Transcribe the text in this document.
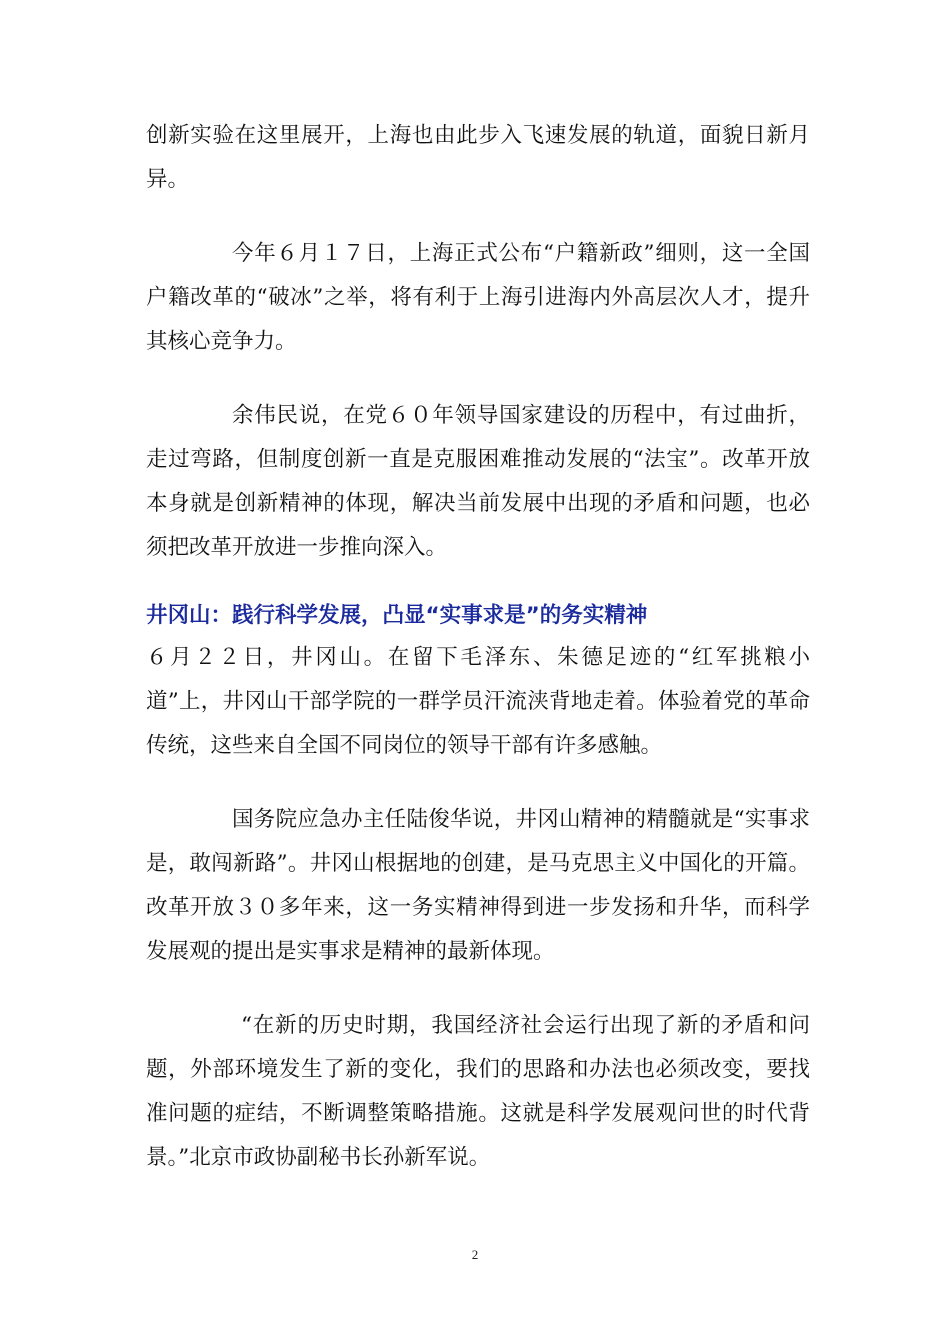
创新实验在这里展开，上海也由此步入飞速发展的轨道，面貌日新月异。

今年６月１７日，上海正式公布“户籍新政”细则，这一全国户籍改革的“破冰”之举，将有利于上海引进海内外高层次人才，提升其核心竞争力。

余伟民说，在党６０年领导国家建设的历程中，有过曲折，走过弯路，但制度创新一直是克服困难推动发展的“法宝”。改革开放本身就是创新精神的体现，解决当前发展中出现的矛盾和问题，也必须把改革开放进一步推向深入。

井冈山：践行科学发展，凸显“实事求是”的务实精神

６月２２日，井冈山。在留下毛泽东、朱德足迹的“红军挑粮小道”上，井冈山干部学院的一群学员汗流浃背地走着。体验着党的革命传统，这些来自全国不同岗位的领导干部有许多感触。

国务院应急办主任陆俊华说，井冈山精神的精髓就是“实事求是，敢闯新路”。井冈山根据地的创建，是马克思主义中国化的开篇。改革开放３０多年来，这一务实精神得到进一步发扬和升华，而科学发展观的提出是实事求是精神的最新体现。

“在新的历史时期，我国经济社会运行出现了新的矛盾和问题，外部环境发生了新的变化，我们的思路和办法也必须改变，要找准问题的症结，不断调整策略措施。这就是科学发展观问世的时代背景。”北京市政协副秘书长孙新军说。

2
